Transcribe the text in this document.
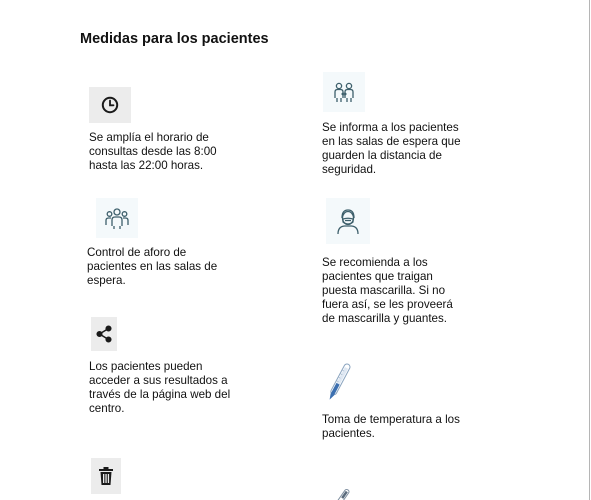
Medidas para los pacientes
Se amplía el horario de
consultas desde las 8:00
hasta las 22:00 horas.
Se informa a los pacientes
en las salas de espera que
guarden la distancia de
seguridad.
Control de aforo de
pacientes en las salas de
espera.
Se recomienda a los
pacientes que traigan
puesta mascarilla. Si no
fuera así, se les proveerá
de mascarilla y guantes.
Los pacientes pueden
acceder a sus resultados a
través de la página web del
centro.
Toma de temperatura a los
pacientes.
